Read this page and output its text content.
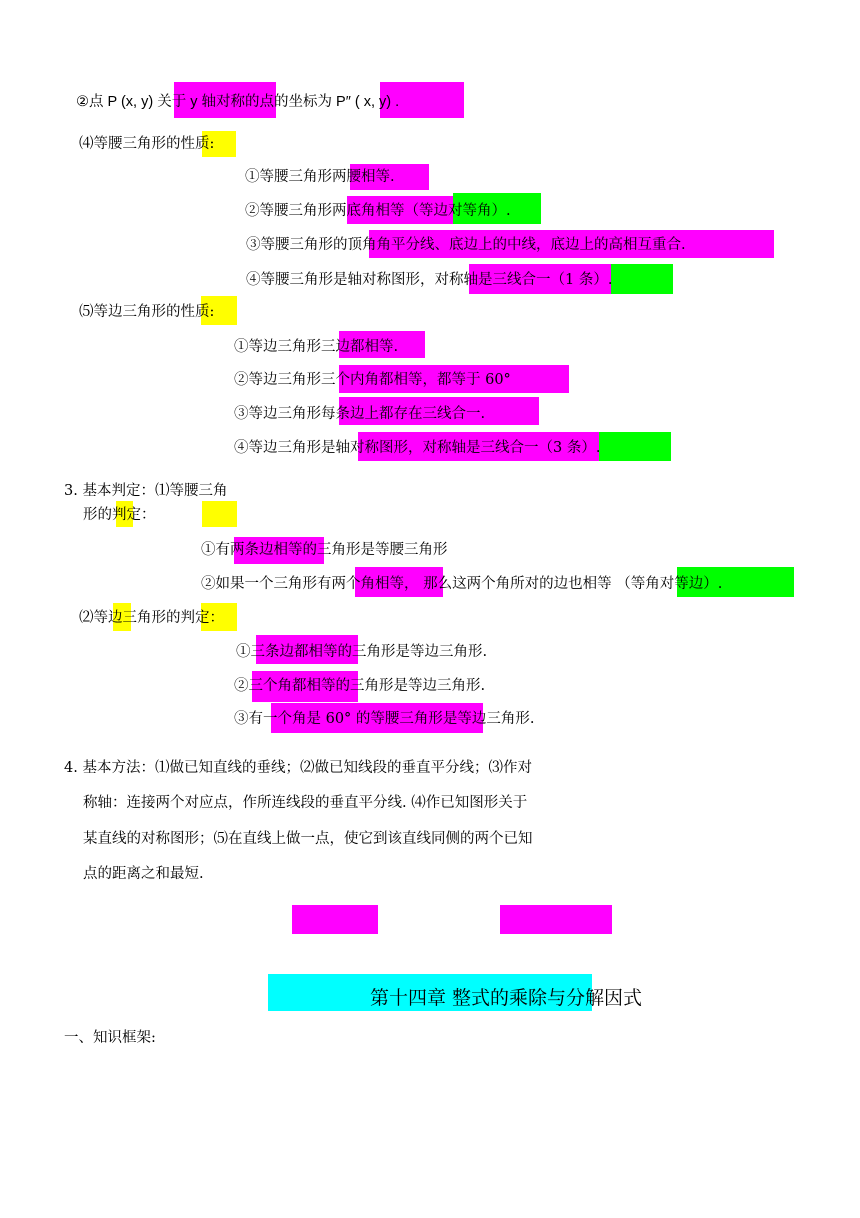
②点 P (x, y) 关于 y 轴对称的点的坐标为 P″ ( x, y) .
⑷等腰三角形的性质:
①等腰三角形两腰相等.
②等腰三角形两底角相等（等边对等角）.
③等腰三角形的顶角角平分线、底边上的中线，底边上的高相互重合.
④等腰三角形是轴对称图形，对称轴是三线合一（1 条）.
⑸等边三角形的性质:
①等边三角形三边都相等.
②等边三角形三个内角都相等，都等于 60°
③等边三角形每条边上都存在三线合一.
④等边三角形是轴对称图形，对称轴是三线合一（3 条）.
3. 基本判定：⑴等腰三角
形的判定：
①有两条边相等的三角形是等腰三角形
②如果一个三角形有两个角相等， 那么这两个角所对的边也相等 （等角对等边）.
⑵等边三角形的判定：
①三条边都相等的三角形是等边三角形.
②三个角都相等的三角形是等边三角形.
③有一个角是 60° 的等腰三角形是等边三角形.
4. 基本方法：⑴做已知直线的垂线；⑵做已知线段的垂直平分线；⑶作对
称轴：连接两个对应点，作所连线段的垂直平分线. ⑷作已知图形关于
某直线的对称图形；⑸在直线上做一点，使它到该直线同侧的两个已知
点的距离之和最短.
第十四章 整式的乘除与分解因式
一、知识框架:
